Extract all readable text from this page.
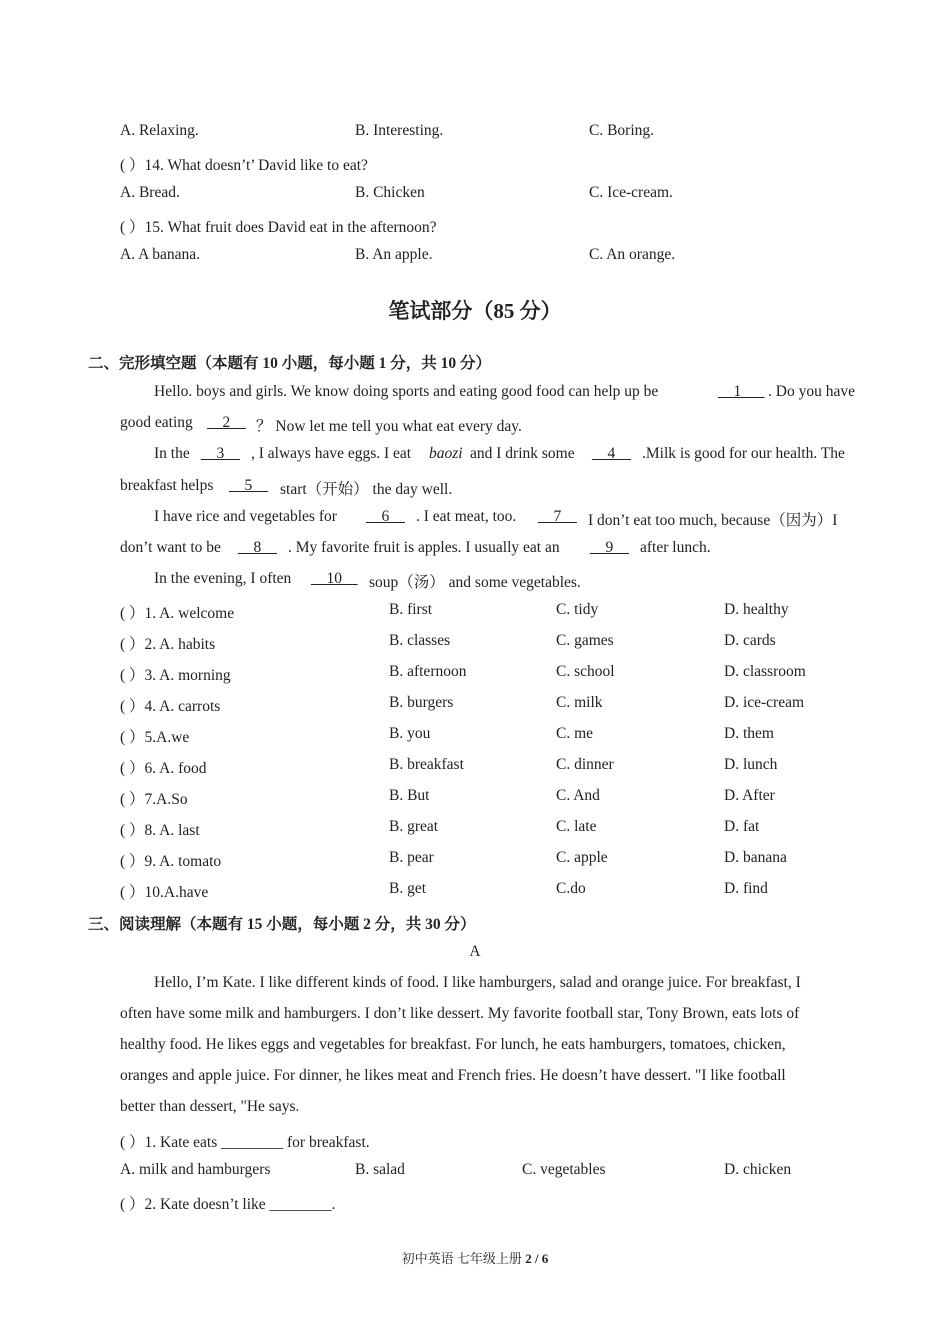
A. Relaxing.	B. Interesting.	C. Boring.
( ）14. What doesn’t’ David like to eat?
A. Bread.	B. Chicken	C. Ice-cream.
( ）15. What fruit does David eat in the afternoon?
A. A banana.	B. An apple.	C. An orange.
笔试部分（85 分）
二、完形填空题（本题有 10 小题，每小题 1 分，共 10 分）
Hello. boys and girls. We know doing sports and eating good food can help up be	__1___ . Do you have
good eating __2__ ？ Now let me tell you what eat every day.
In the __3__ , I always have eggs. I eat baozi and I drink some __4__ .Milk is good for our health. The
breakfast helps __5__ start（开始） the day well.
I have rice and vegetables for __6__ . I eat meat, too. __7__ I don’t eat too much, because（因为）I
don’t want to be __8__ . My favorite fruit is apples. I usually eat an __9__ after lunch.
In the evening, I often __10__ soup（汤） and some vegetables.
( ）1. A. welcome	B. first	C. tidy	D. healthy
( ）2. A. habits	B. classes	C. games	D. cards
( ）3. A. morning	B. afternoon	C. school	D. classroom
( ）4. A. carrots	B. burgers	C. milk	D. ice-cream
( ）5.A.we	B. you	C. me	D. them
( ）6. A. food	B. breakfast	C. dinner	D. lunch
( ）7.A.So	B. But	C. And	D. After
( ）8. A. last	B. great	C. late	D. fat
( ）9. A. tomato	B. pear	C. apple	D. banana
( ）10.A.have	B. get	C.do	D. find
三、阅读理解（本题有 15 小题，每小题 2 分，共 30 分）
A
Hello, I’m Kate. I like different kinds of food. I like hamburgers, salad and orange juice. For breakfast, I
often have some milk and hamburgers. I don’t like dessert. My favorite football star, Tony Brown, eats lots of
healthy food. He likes eggs and vegetables for breakfast. For lunch, he eats hamburgers, tomatoes, chicken,
oranges and apple juice. For dinner, he likes meat and French fries. He doesn’t have dessert. "I like football
better than dessert, "He says.
( ）1. Kate eats ________ for breakfast.
A. milk and hamburgers	B. salad	C. vegetables	D. chicken
( ）2. Kate doesn’t like ________.
初中英语 七年级上册 2 / 6
